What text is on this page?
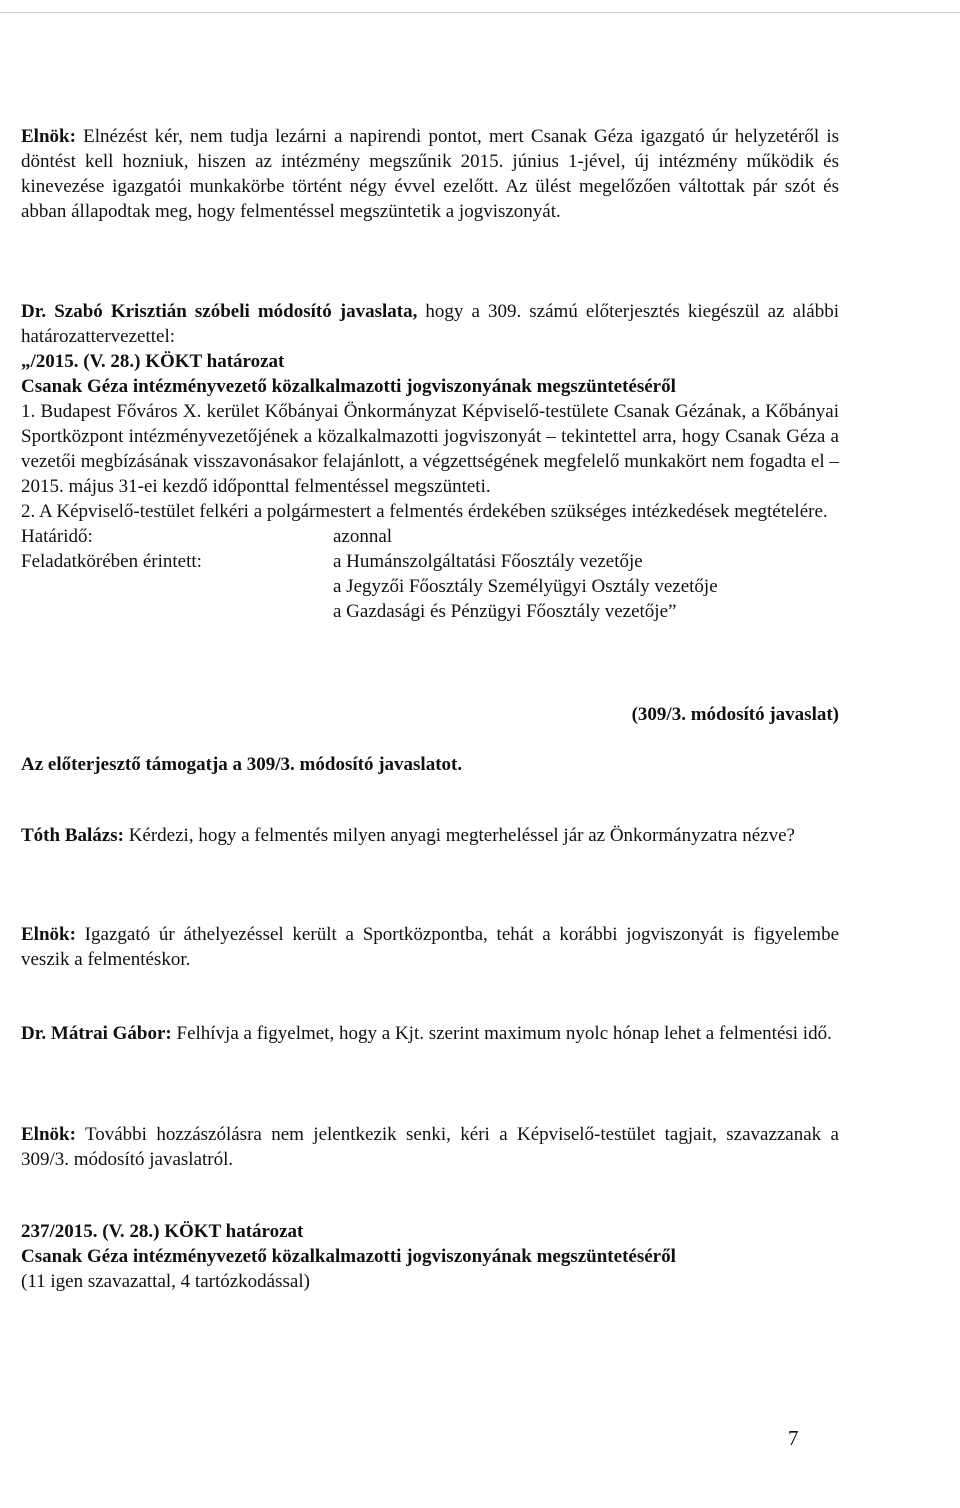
Elnök: Elnézést kér, nem tudja lezárni a napirendi pontot, mert Csanak Géza igazgató úr helyzetéről is döntést kell hozniuk, hiszen az intézmény megszűnik 2015. június 1-jével, új intézmény működik és kinevezése igazgatói munkakörbe történt négy évvel ezelőtt. Az ülést megelőzően váltottak pár szót és abban állapodtak meg, hogy felmentéssel megszüntetik a jogviszonyát.

Dr. Szabó Krisztián szóbeli módosító javaslata, hogy a 309. számú előterjesztés kiegészül az alábbi határozattervezettel:

„/2015. (V. 28.) KÖKT határozat

Csanak Géza intézményvezető közalkalmazotti jogviszonyának megszüntetéséről

1. Budapest Főváros X. kerület Kőbányai Önkormányzat Képviselő-testülete Csanak Gézának, a Kőbányai Sportközpont intézményvezetőjének a közalkalmazotti jogviszonyát – tekintettel arra, hogy Csanak Géza a vezetői megbízásának visszavonásakor felajánlott, a végzettségének megfelelő munkakört nem fogadta el – 2015. május 31-ei kezdő időponttal felmentéssel megszünteti.

2. A Képviselő-testület felkéri a polgármestert a felmentés érdekében szükséges intézkedések megtételére.

Határidő:	azonnal
Feladatkörében érintett:	a Humánszolgáltatási Főosztály vezetője

a Jegyzői Főosztály Személyügyi Osztály vezetője

a Gazdasági és Pénzügyi Főosztály vezetője”

(309/3. módosító javaslat)
Az előterjesztő támogatja a 309/3. módosító javaslatot.

Tóth Balázs: Kérdezi, hogy a felmentés milyen anyagi megterheléssel jár az Önkormányzatra nézve?

Elnök: Igazgató úr áthelyezéssel került a Sportközpontba, tehát a korábbi jogviszonyát is figyelembe veszik a felmentéskor.

Dr. Mátrai Gábor: Felhívja a figyelmet, hogy a Kjt. szerint maximum nyolc hónap lehet a felmentési idő.

Elnök: További hozzászólásra nem jelentkezik senki, kéri a Képviselő-testület tagjait, szavazzanak a 309/3. módosító javaslatról.

237/2015. (V. 28.) KÖKT határozat

Csanak Géza intézményvezető közalkalmazotti jogviszonyának megszüntetéséről

(11 igen szavazattal, 4 tartózkodással)

7
